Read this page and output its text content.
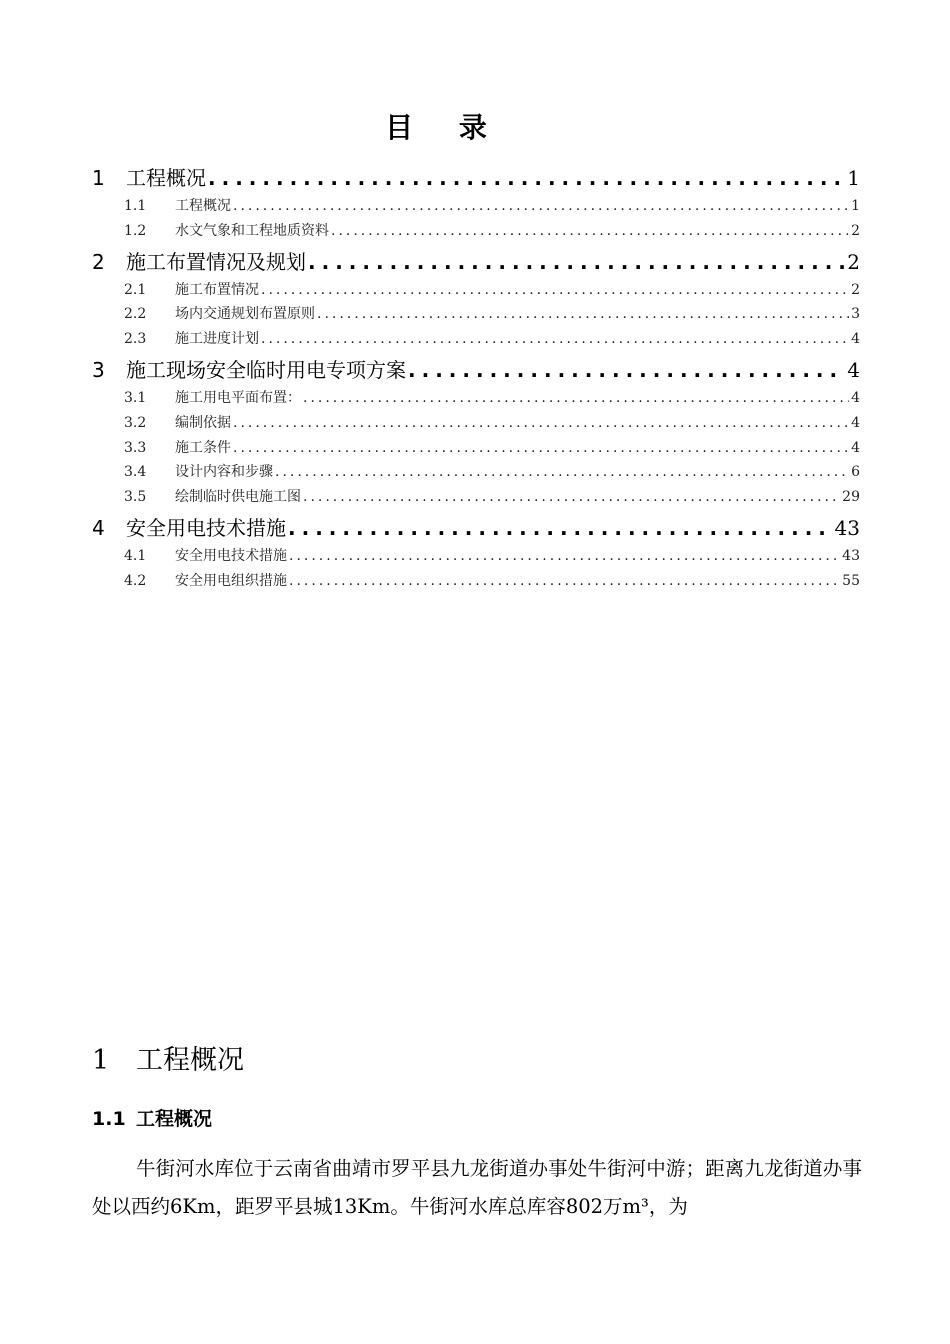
目 录
1	工程概况 .....	1
1.1	工程概况 .....	1
1.2	水文气象和工程地质资料 .....	2
2	施工布置情况及规划 .....	2
2.1	施工布置情况 .....	2
2.2	场内交通规划布置原则 .....	3
2.3	施工进度计划 .....	4
3	施工现场安全临时用电专项方案 .....	4
3.1	施工用电平面布置： .....	4
3.2	编制依据 .....	4
3.3	施工条件 .....	4
3.4	设计内容和步骤 .....	6
3.5	绘制临时供电施工图 .....	29
4	安全用电技术措施 .....	43
4.1	安全用电技术措施 .....	43
4.2	安全用电组织措施 .....	55
1 工程概况
1.1 工程概况
牛街河水库位于云南省曲靖市罗平县九龙街道办事处牛街河中游；距离九龙街道办事处以西约6Km，距罗平县城13Km。牛街河水库总库容802万m³，为
